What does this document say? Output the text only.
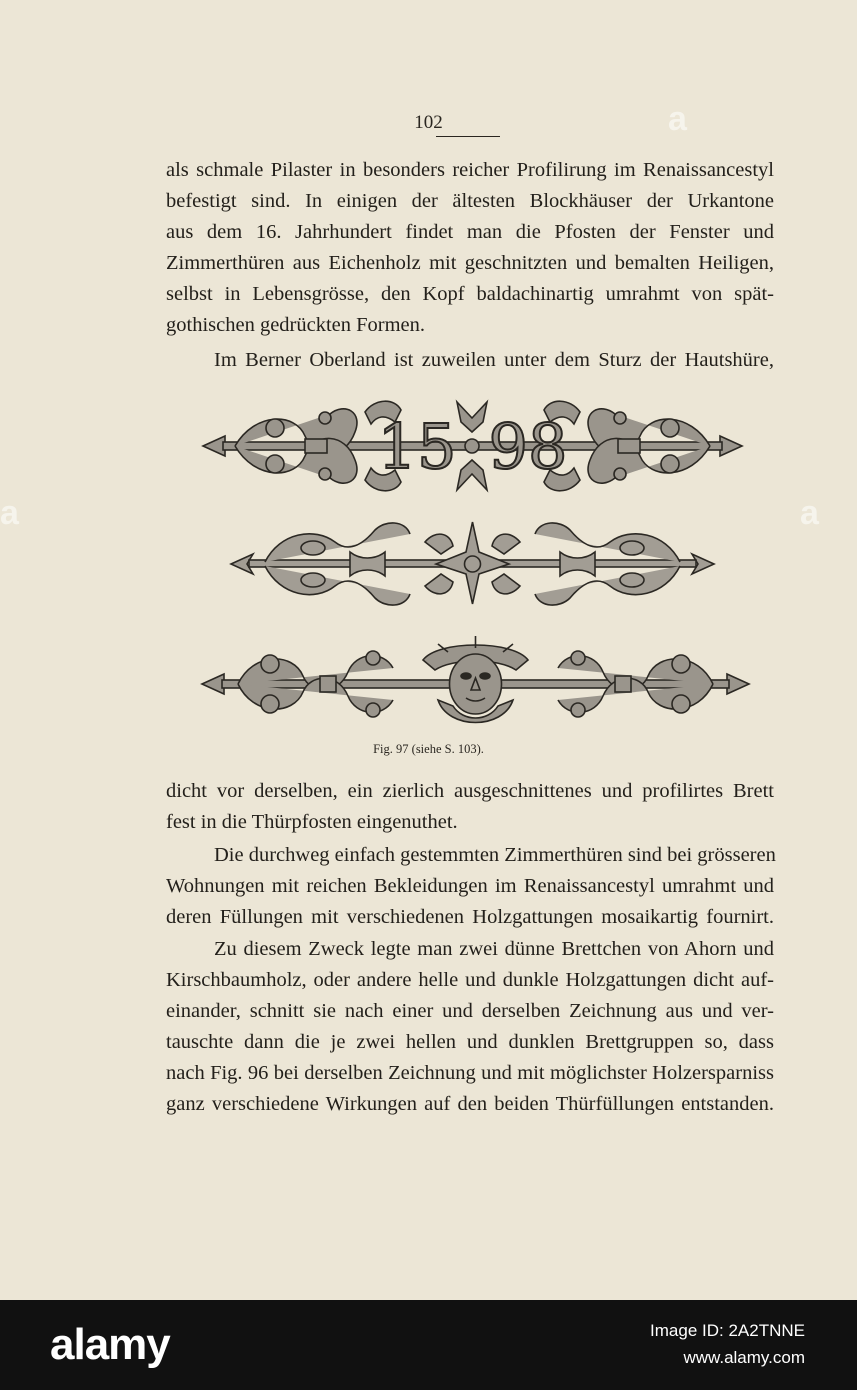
102
als schmale Pilaster in besonders reicher Profilirung im Renaissancestyl
befestigt sind. In einigen der ältesten Blockhäuser der Urkantone
aus dem 16. Jahrhundert findet man die Pfosten der Fenster und
Zimmerthüren aus Eichenholz mit geschnitzten und bemalten Heiligen,
selbst in Lebensgrösse, den Kopf baldachinartig umrahmt von spät-
gothischen gedrückten Formen.
Im Berner Oberland ist zuweilen unter dem Sturz der Hautshüre,
15 98
Fig. 97 (siehe S. 103).
dicht vor derselben, ein zierlich ausgeschnittenes und profilirtes Brett
fest in die Thürpfosten eingenuthet.
Die durchweg einfach gestemmten Zimmerthüren sind bei grösseren
Wohnungen mit reichen Bekleidungen im Renaissancestyl umrahmt und
deren Füllungen mit verschiedenen Holzgattungen mosaikartig fournirt.
Zu diesem Zweck legte man zwei dünne Brettchen von Ahorn und
Kirschbaumholz, oder andere helle und dunkle Holzgattungen dicht auf-
einander, schnitt sie nach einer und derselben Zeichnung aus und ver-
tauschte dann die je zwei hellen und dunklen Brettgruppen so, dass
nach Fig. 96 bei derselben Zeichnung und mit möglichster Holzersparniss
ganz verschiedene Wirkungen auf den beiden Thürfüllungen entstanden.
a
a	a
alamy	Image ID: 2A2TNNE
www.alamy.com
